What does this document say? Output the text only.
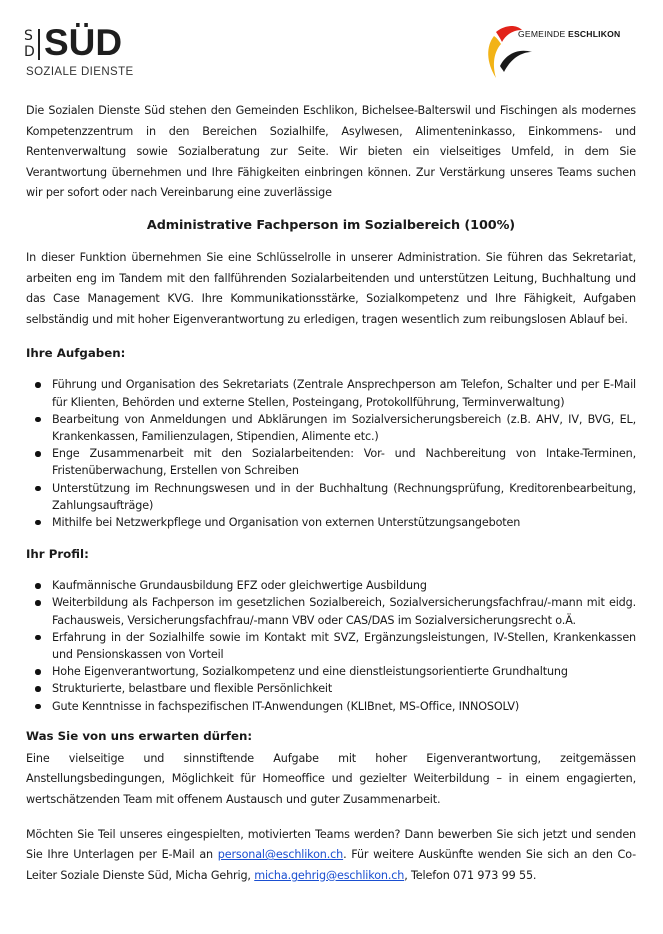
S
D SÜD
SOZIALE DIENSTE
GEMEINDE ESCHLIKON

Die Sozialen Dienste Süd stehen den Gemeinden Eschlikon, Bichelsee-Balterswil und Fischingen als modernes Kompetenzzentrum in den Bereichen Sozialhilfe, Asylwesen, Alimenteninkasso, Einkommens- und Rentenverwaltung sowie Sozialberatung zur Seite. Wir bieten ein vielseitiges Umfeld, in dem Sie Verantwortung übernehmen und Ihre Fähigkeiten einbringen können. Zur Verstärkung unseres Teams suchen wir per sofort oder nach Vereinbarung eine zuverlässige

Administrative Fachperson im Sozialbereich (100%)

In dieser Funktion übernehmen Sie eine Schlüsselrolle in unserer Administration. Sie führen das Sekretariat, arbeiten eng im Tandem mit den fallführenden Sozialarbeitenden und unterstützen Leitung, Buchhaltung und das Case Management KVG. Ihre Kommunikationsstärke, Sozialkompetenz und Ihre Fähigkeit, Aufgaben selbständig und mit hoher Eigenverantwortung zu erledigen, tragen wesentlich zum reibungslosen Ablauf bei.

Ihre Aufgaben:
Führung und Organisation des Sekretariats (Zentrale Ansprechperson am Telefon, Schalter und per E-Mail für Klienten, Behörden und externe Stellen, Posteingang, Protokollführung, Terminverwaltung)
Bearbeitung von Anmeldungen und Abklärungen im Sozialversicherungsbereich (z.B. AHV, IV, BVG, EL, Krankenkassen, Familienzulagen, Stipendien, Alimente etc.)
Enge Zusammenarbeit mit den Sozialarbeitenden: Vor- und Nachbereitung von Intake-Terminen, Fristenüberwachung, Erstellen von Schreiben
Unterstützung im Rechnungswesen und in der Buchhaltung (Rechnungsprüfung, Kreditorenbearbeitung, Zahlungsaufträge)
Mithilfe bei Netzwerkpflege und Organisation von externen Unterstützungsangeboten
Ihr Profil:
Kaufmännische Grundausbildung EFZ oder gleichwertige Ausbildung
Weiterbildung als Fachperson im gesetzlichen Sozialbereich, Sozialversicherungsfachfrau/-mann mit eidg. Fachausweis, Versicherungsfachfrau/-mann VBV oder CAS/DAS im Sozialversicherungsrecht o.Ä.
Erfahrung in der Sozialhilfe sowie im Kontakt mit SVZ, Ergänzungsleistungen, IV-Stellen, Krankenkassen und Pensionskassen von Vorteil
Hohe Eigenverantwortung, Sozialkompetenz und eine dienstleistungsorientierte Grundhaltung
Strukturierte, belastbare und flexible Persönlichkeit
Gute Kenntnisse in fachspezifischen IT-Anwendungen (KLIBnet, MS-Office, INNOSOLV)
Was Sie von uns erwarten dürfen:

Eine vielseitige und sinnstiftende Aufgabe mit hoher Eigenverantwortung, zeitgemässen Anstellungsbedingungen, Möglichkeit für Homeoffice und gezielter Weiterbildung – in einem engagierten, wertschätzenden Team mit offenem Austausch und guter Zusammenarbeit.

Möchten Sie Teil unseres eingespielten, motivierten Teams werden? Dann bewerben Sie sich jetzt und senden Sie Ihre Unterlagen per E-Mail an personal@eschlikon.ch. Für weitere Auskünfte wenden Sie sich an den Co-Leiter Soziale Dienste Süd, Micha Gehrig, micha.gehrig@eschlikon.ch, Telefon 071 973 99 55.
